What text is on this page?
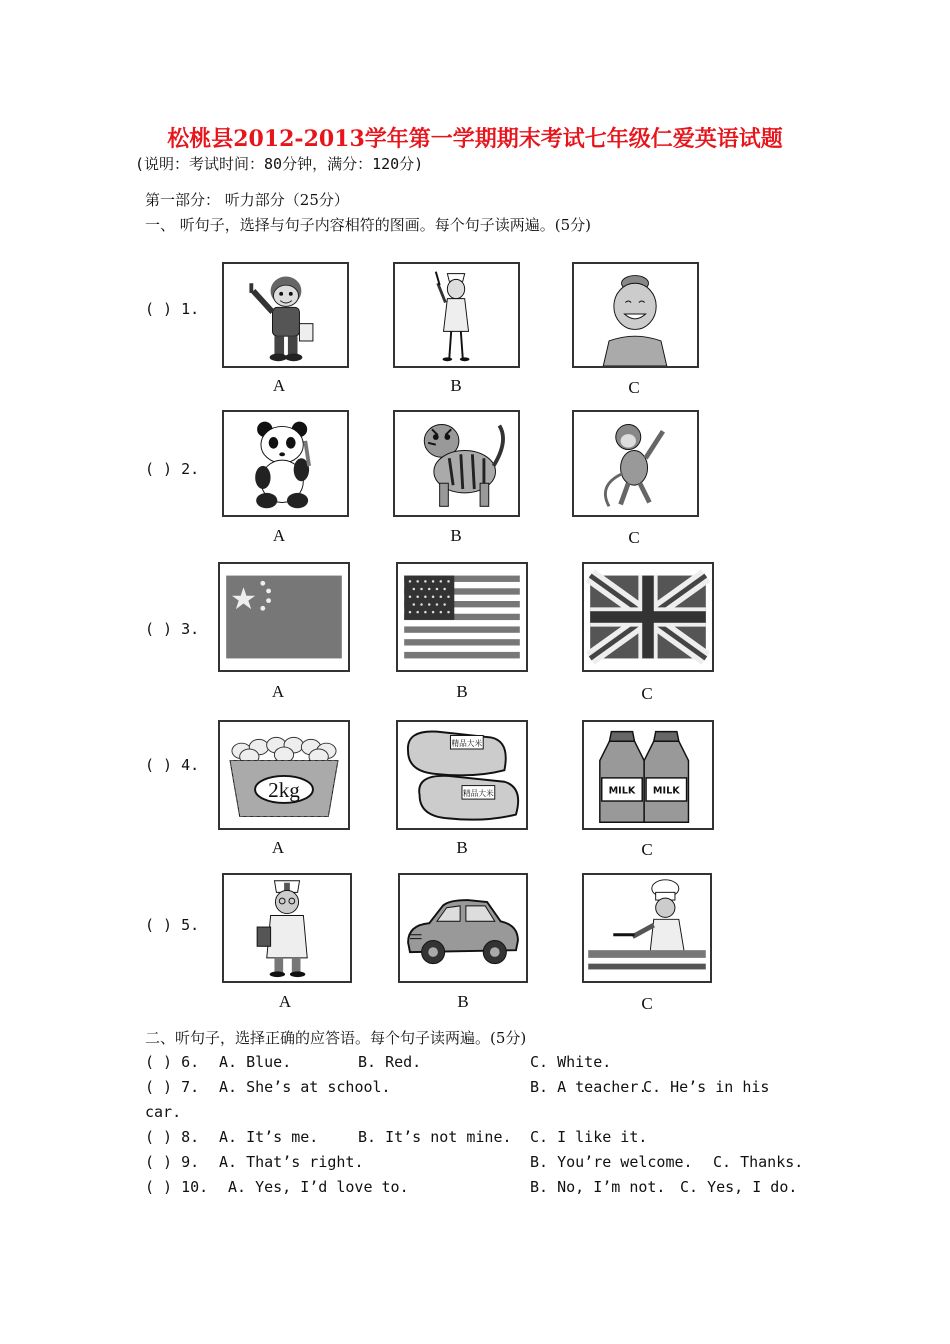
松桃县2012-2013学年第一学期期末考试七年级仁爱英语试题
(说明：考试时间：80分钟，满分：120分)
第一部分： 听力部分（25分）
一、 听句子，选择与句子内容相符的图画。每个句子读两遍。(5分)
( ) 1.
A	B	C
( ) 2.
A	B	C
( ) 3.
A	B	C
( ) 4.
2kg
精品大米
精品大米	MILK MILK
A	B	C
( ) 5.
A	B	C
二、听句子，选择正确的应答语。每个句子读两遍。(5分)
( ) 6. A. Blue.	B. Red.	C. White.
( ) 7. A. She’s at school.	B. A teacher.
C. He’s in his
car.
( ) 8. A. It’s me.	B. It’s not mine. C. I like it.
( ) 9. A. That’s right.	B. You’re welcome. C. Thanks.
( ) 10. A. Yes, I’d love to.	B. No, I’m not. C. Yes, I do.
